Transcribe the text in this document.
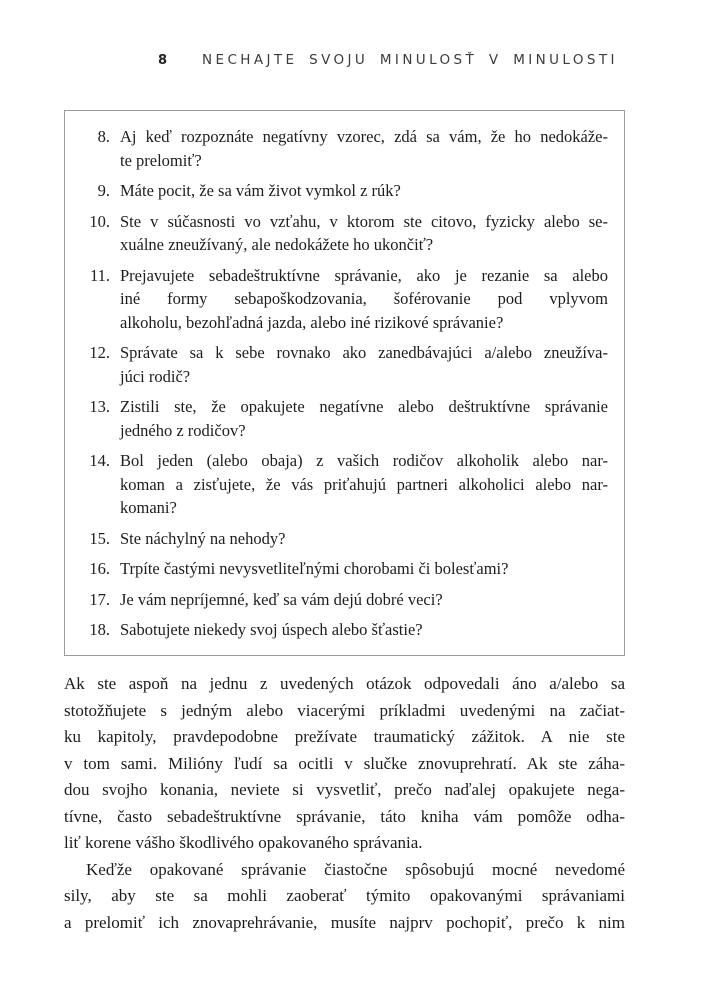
8	NECHAJTE SVOJU MINULOSŤ V MINULOSTI
8. Aj keď rozpoznáte negatívny vzorec, zdá sa vám, že ho nedokáže-
te prelomiť?
9. Máte pocit, že sa vám život vymkol z rúk?
10. Ste v súčasnosti vo vzťahu, v ktorom ste citovo, fyzicky alebo se-
xuálne zneužívaný, ale nedokážete ho ukončiť?
11. Prejavujete sebadeštruktívne správanie, ako je rezanie sa alebo
iné formy sebapoškodzovania, šoférovanie pod vplyvom
alkoholu, bezohľadná jazda, alebo iné rizikové správanie?
12. Správate sa k sebe rovnako ako zanedbávajúci a/alebo zneužíva-
júci rodič?
13. Zistili ste, že opakujete negatívne alebo deštruktívne správanie
jedného z rodičov?
14. Bol jeden (alebo obaja) z vašich rodičov alkoholik alebo nar-
koman a zisťujete, že vás priťahujú partneri alkoholici alebo nar-
komani?
15. Ste náchylný na nehody?
16. Trpíte častými nevysvetliteľnými chorobami či bolesťami?
17. Je vám nepríjemné, keď sa vám dejú dobré veci?
18. Sabotujete niekedy svoj úspech alebo šťastie?
Ak ste aspoň na jednu z uvedených otázok odpovedali áno a/alebo sa
stotožňujete s jedným alebo viacerými príkladmi uvedenými na začiat-
ku kapitoly, pravdepodobne prežívate traumatický zážitok. A nie ste
v tom sami. Milióny ľudí sa ocitli v slučke znovuprehratí. Ak ste záha-
dou svojho konania, neviete si vysvetliť, prečo naďalej opakujete nega-
tívne, často sebadeštruktívne správanie, táto kniha vám pomôže odha-
liť korene vášho škodlivého opakovaného správania.
Keďže opakované správanie čiastočne spôsobujú mocné nevedomé
sily, aby ste sa mohli zaoberať týmito opakovanými správaniami
a prelomiť ich znovaprehrávanie, musíte najprv pochopiť, prečo k nim
